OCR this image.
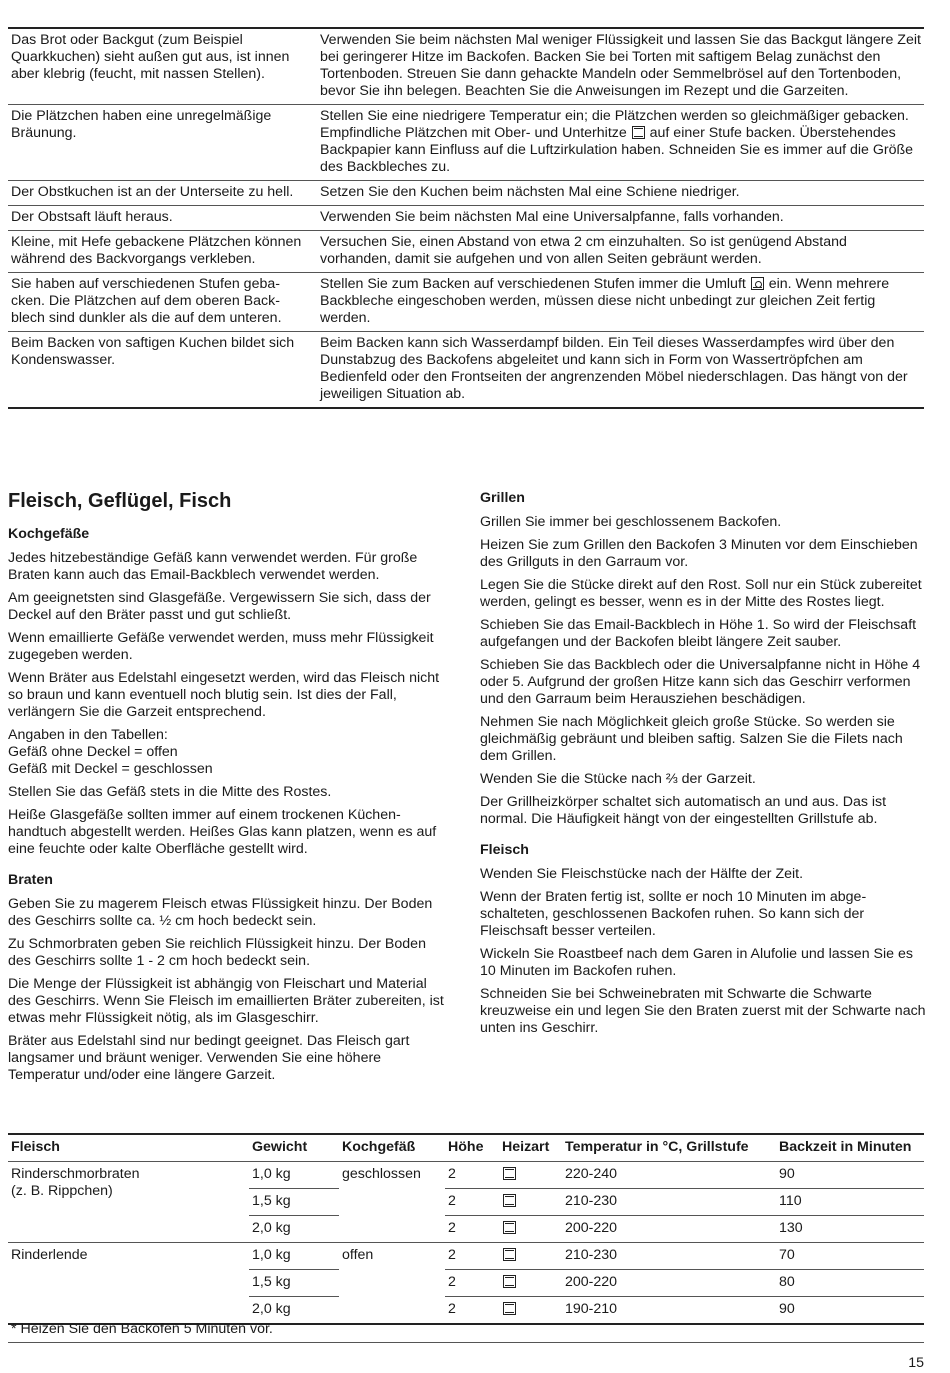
Das Brot oder Backgut (zum Beispiel Quarkkuchen) sieht außen gut aus, ist innen aber klebrig (feucht, mit nassen Stellen).	Verwenden Sie beim nächsten Mal weniger Flüssigkeit und lassen Sie das Backgut längere Zeit bei geringerer Hitze im Backofen. Backen Sie bei Torten mit saftigem Belag zunächst den Tortenboden. Streuen Sie dann gehackte Mandeln oder Semmelbrösel auf den Tortenboden, bevor Sie ihn belegen. Beachten Sie die Anweisungen im Rezept und die Garzeiten.
Die Plätzchen haben eine unregelmäßige Bräunung.	Stellen Sie eine niedrigere Temperatur ein; die Plätzchen werden so gleichmäßiger gebacken. Empfindliche Plätzchen mit Ober- und Unterhitze  auf einer Stufe backen. Überstehendes Backpapier kann Einfluss auf die Luftzirkulation haben. Schneiden Sie es immer auf die Größe des Backbleches zu.
Der Obstkuchen ist an der Unterseite zu hell.	Setzen Sie den Kuchen beim nächsten Mal eine Schiene niedriger.
Der Obstsaft läuft heraus.	Verwenden Sie beim nächsten Mal eine Universalpfanne, falls vorhanden.
Kleine, mit Hefe gebackene Plätzchen können während des Backvorgangs verkleben.	Versuchen Sie, einen Abstand von etwa 2 cm einzuhalten. So ist genügend Abstand vorhanden, damit sie aufgehen und von allen Seiten gebräunt werden.
Sie haben auf verschiedenen Stufen gebacken. Die Plätzchen auf dem oberen Backblech sind dunkler als die auf dem unteren.	Stellen Sie zum Backen auf verschiedenen Stufen immer die Umluft  ein. Wenn mehrere Backbleche eingeschoben werden, müssen diese nicht unbedingt zur gleichen Zeit fertig werden.
Beim Backen von saftigen Kuchen bildet sich Kondenswasser.	Beim Backen kann sich Wasserdampf bilden. Ein Teil dieses Wasserdampfes wird über den Dunstabzug des Backofens abgeleitet und kann sich in Form von Wassertröpfchen am Bedienfeld oder den Frontseiten der angrenzenden Möbel niederschlagen. Das hängt von der jeweiligen Situation ab.
Fleisch, Geflügel, Fisch
Kochgefäße

Jedes hitzebeständige Gefäß kann verwendet werden. Für große Braten kann auch das Email-Backblech verwendet werden.

Am geeignetsten sind Glasgefäße. Vergewissern Sie sich, dass der Deckel auf den Bräter passt und gut schließt.

Wenn emaillierte Gefäße verwendet werden, muss mehr Flüssigkeit zugegeben werden.

Wenn Bräter aus Edelstahl eingesetzt werden, wird das Fleisch nicht so braun und kann eventuell noch blutig sein. Ist dies der Fall, verlängern Sie die Garzeit entsprechend.

Angaben in den Tabellen:
Gefäß ohne Deckel = offen
Gefäß mit Deckel = geschlossen

Stellen Sie das Gefäß stets in die Mitte des Rostes.

Heiße Glasgefäße sollten immer auf einem trockenen Küchenhandtuch abgestellt werden. Heißes Glas kann platzen, wenn es auf eine feuchte oder kalte Oberfläche gestellt wird.

Braten

Geben Sie zu magerem Fleisch etwas Flüssigkeit hinzu. Der Boden des Geschirrs sollte ca. ½ cm hoch bedeckt sein.

Zu Schmorbraten geben Sie reichlich Flüssigkeit hinzu. Der Boden des Geschirrs sollte 1 - 2 cm hoch bedeckt sein.

Die Menge der Flüssigkeit ist abhängig von Fleischart und Material des Geschirrs. Wenn Sie Fleisch im emaillierten Bräter zubereiten, ist etwas mehr Flüssigkeit nötig, als im Glasgeschirr.

Bräter aus Edelstahl sind nur bedingt geeignet. Das Fleisch gart langsamer und bräunt weniger. Verwenden Sie eine höhere Temperatur und/oder eine längere Garzeit.

Grillen

Grillen Sie immer bei geschlossenem Backofen.

Heizen Sie zum Grillen den Backofen 3 Minuten vor dem Einschieben des Grillguts in den Garraum vor.

Legen Sie die Stücke direkt auf den Rost. Soll nur ein Stück zubereitet werden, gelingt es besser, wenn es in der Mitte des Rostes liegt.

Schieben Sie das Email-Backblech in Höhe 1. So wird der Fleischsaft aufgefangen und der Backofen bleibt längere Zeit sauber.

Schieben Sie das Backblech oder die Universalpfanne nicht in Höhe 4 oder 5. Aufgrund der großen Hitze kann sich das Geschirr verformen und den Garraum beim Herausziehen beschädigen.

Nehmen Sie nach Möglichkeit gleich große Stücke. So werden sie gleichmäßig gebräunt und bleiben saftig. Salzen Sie die Filets nach dem Grillen.

Wenden Sie die Stücke nach ⅔ der Garzeit.

Der Grillheizkörper schaltet sich automatisch an und aus. Das ist normal. Die Häufigkeit hängt von der eingestellten Grillstufe ab.

Fleisch

Wenden Sie Fleischstücke nach der Hälfte der Zeit.

Wenn der Braten fertig ist, sollte er noch 10 Minuten im abgeschalteten, geschlossenen Backofen ruhen. So kann sich der Fleischsaft besser verteilen.

Wickeln Sie Roastbeef nach dem Garen in Alufolie und lassen Sie es 10 Minuten im Backofen ruhen.

Schneiden Sie bei Schweinebraten mit Schwarte die Schwarte kreuzweise ein und legen Sie den Braten zuerst mit der Schwarte nach unten ins Geschirr.

Fleisch	Gewicht	Kochgefäß	Höhe	Heizart	Temperatur in °C, Grillstufe	Backzeit in Minuten
Rinderschmorbraten
(z. B. Rippchen)	1,0 kg	geschlossen	2		220-240	90
	1,5 kg		2		210-230	110
	2,0 kg		2		200-220	130
Rinderlende	1,0 kg	offen	2		210-230	70
	1,5 kg		2		200-220	80
	2,0 kg		2		190-210	90
* Heizen Sie den Backofen 5 Minuten vor.
15
